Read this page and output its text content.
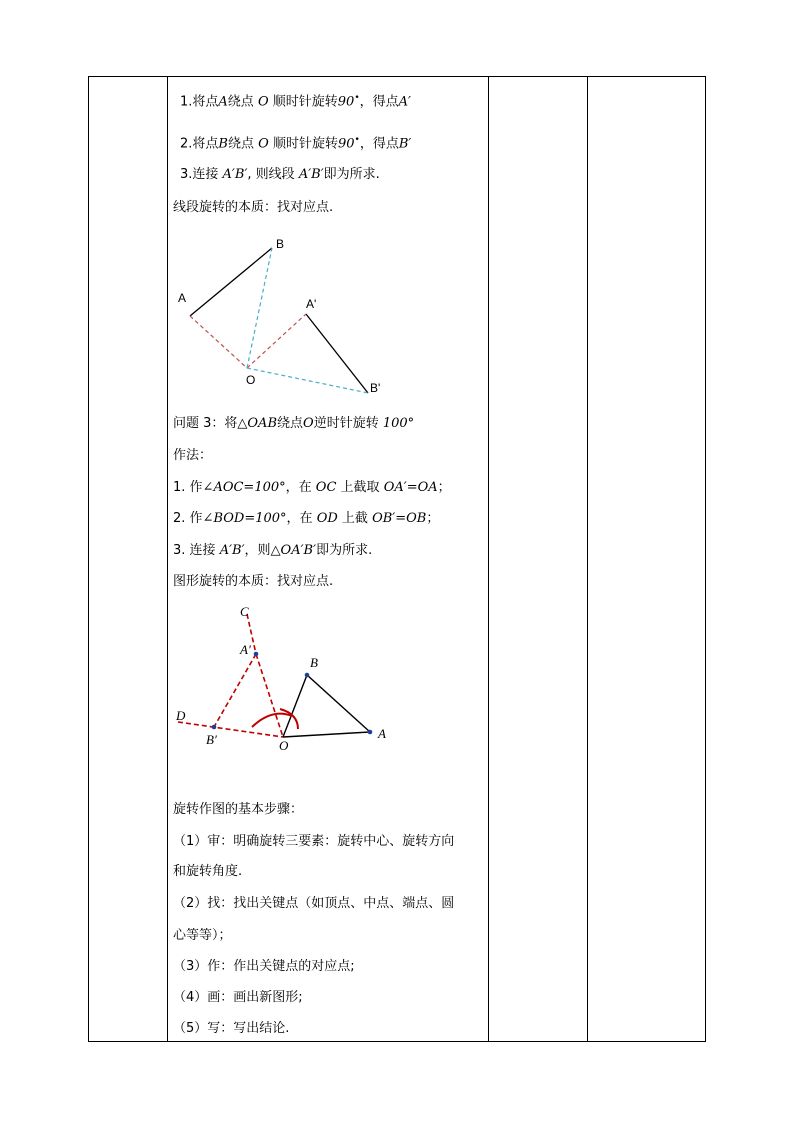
1.将点A绕点 O 顺时针旋转90•，得点A′
2.将点B绕点 O 顺时针旋转90•，得点B′
3.连接 A′B′, 则线段 A′B′即为所求.
线段旋转的本质：找对应点.
A
B
A'
O
B'
问题 3：将△OAB绕点O逆时针旋转 100°
作法：
1. 作∠AOC=100°，在 OC 上截取 OA′=OA；
2. 作∠BOD=100°，在 OD 上截 OB′=OB；
3. 连接 A′B′，则△OA′B′即为所求.
图形旋转的本质：找对应点.
C
A′
B
D
B′	O
A
旋转作图的基本步骤：
（1）审：明确旋转三要素：旋转中心、旋转方向
和旋转角度.
（2）找：找出关键点（如顶点、中点、端点、圆
心等等）；
（3）作：作出关键点的对应点;
（4）画：画出新图形;
（5）写：写出结论.
